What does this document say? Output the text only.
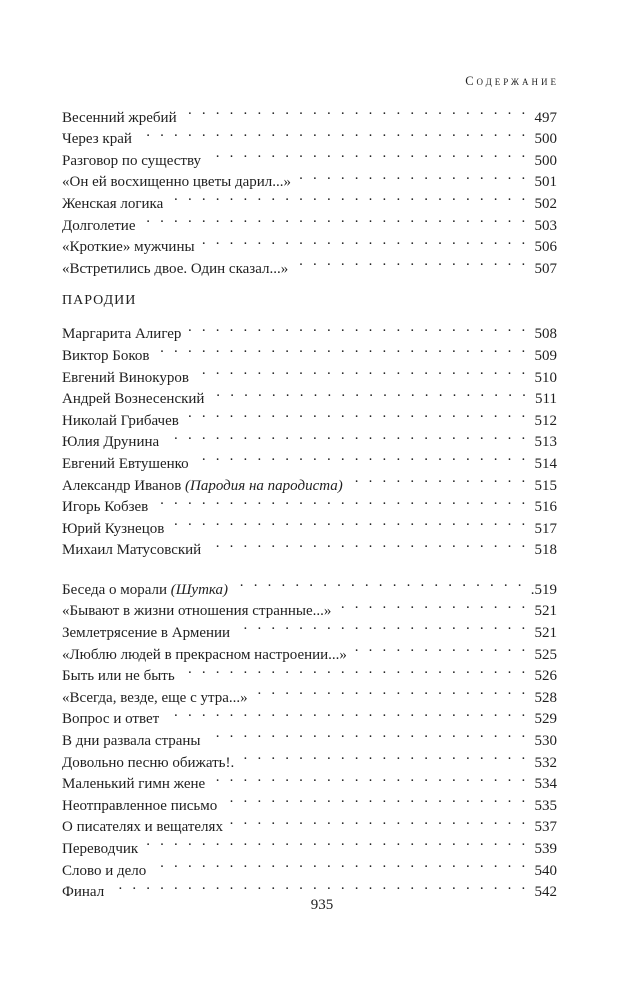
Содержание
Весенний жребий . . .	497
Через край . . .	500
Разговор по существу . . .	500
«Он ей восхищенно цветы дарил...» . . .	501
Женская логика . . .	502
Долголетие . . .	503
«Кроткие» мужчины . . .	506
«Встретились двое. Один сказал...» . . .	507
ПАРОДИИ
Маргарита Алигер . . .	508
Виктор Боков . . .	509
Евгений Винокуров . . .	510
Андрей Вознесенский . . .	511
Николай Грибачев . . .	512
Юлия Друнина . . .	513
Евгений Евтушенко . . .	514
Александр Иванов (Пародия на пародиста) . . .	515
Игорь Кобзев . . .	516
Юрий Кузнецов . . .	517
Михаил Матусовский . . .	518
Беседа о морали (Шутка) . . .	.519
«Бывают в жизни отношения странные...» . . .	521
Землетрясение в Армении . . .	521
«Люблю людей в прекрасном настроении...» . . .	525
Быть или не быть . . .	526
«Всегда, везде, еще с утра...» . . .	528
Вопрос и ответ . . .	529
В дни развала страны . . .	530
Довольно песню обижать!. . . .	532
Маленький гимн жене . . .	534
Неотправленное письмо . . .	535
О писателях и вещателях . . .	537
Переводчик . . .	539
Слово и дело . . .	540
Финал . . .	542
935
